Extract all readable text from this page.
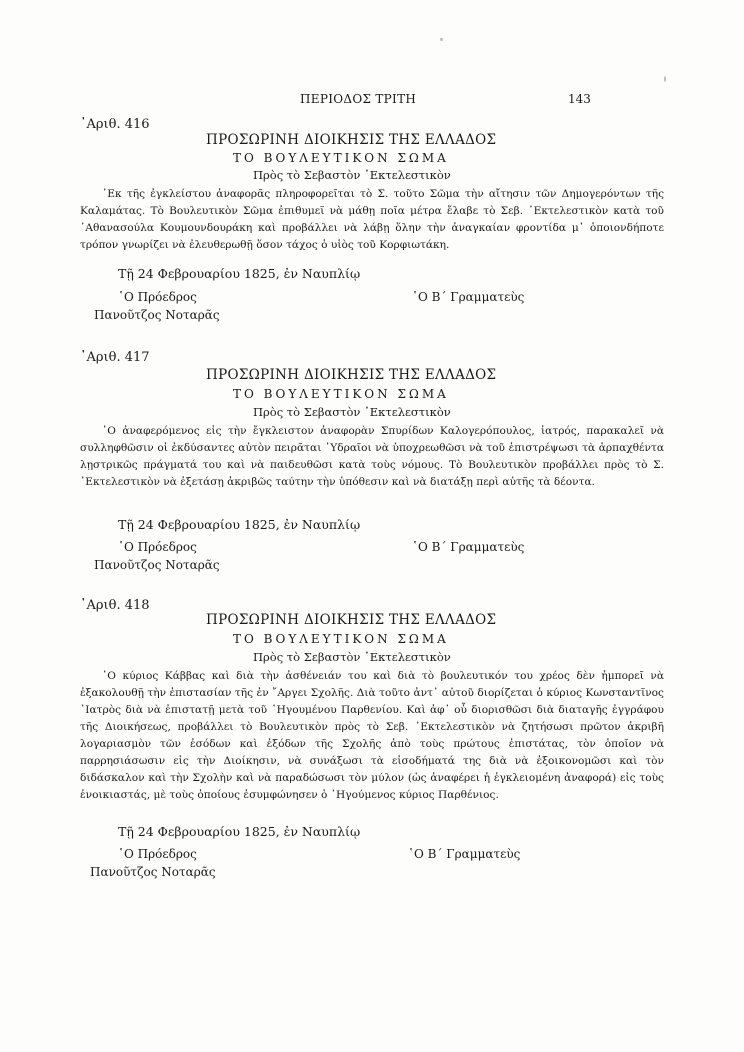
ΠΕΡΙΟΔΟΣ ΤΡΙΤΗ	143
᾿Αριθ. 416
ΠΡΟΣΩΡΙΝΗ ΔΙΟΙΚΗΣΙΣ ΤΗΣ ΕΛΛΑΔΟΣ
ΤΟ ΒΟΥΛΕΥΤΙΚΟΝ ΣΩΜΑ
Πρὸς τὸ Σεβαστὸν ᾿Εκτελεστικὸν
᾿Εκ τῆς ἐγκλείστου ἀναφορᾶς πληροφορεῖται τὸ Σ. τοῦτο Σῶμα τὴν αἴτησιν τῶν Δημογερόντων τῆς Καλαμάτας. Τὸ Βουλευτικὸν Σῶμα ἐπιθυμεῖ νὰ μάθῃ ποῖα μέτρα ἔλαβε τὸ Σεβ. ᾿Εκτελεστικὸν κατὰ τοῦ ᾿Αθανασούλα Κουμουνδουράκη καὶ προβάλλει νὰ λάβῃ ὅλην τὴν ἀναγκαίαν φροντίδα μ᾿ ὁποιονδήποτε τρόπον γνωρίζει νὰ ἐλευθερωθῇ ὅσον τάχος ὁ υἱὸς τοῦ Κορφιωτάκη.
Τῇ 24 Φεβρουαρίου 1825, ἐν Ναυπλίῳ
῾Ο Πρόεδρος	῾Ο Β΄ Γραμματεὺς
Πανοῦτζος Νοταρᾶς
᾿Αριθ. 417
ΠΡΟΣΩΡΙΝΗ ΔΙΟΙΚΗΣΙΣ ΤΗΣ ΕΛΛΑΔΟΣ
ΤΟ ΒΟΥΛΕΥΤΙΚΟΝ ΣΩΜΑ
Πρὸς τὸ Σεβαστὸν ᾿Εκτελεστικὸν
῾Ο ἀναφερόμενος εἰς τὴν ἔγκλειστον ἀναφορὰν Σπυρίδων Καλογερόπουλος, ἰατρός, παρακαλεῖ νὰ συλληφθῶσιν οἱ ἐκδύσαντες αὐτὸν πειρᾶται ῾Υδραῖοι νὰ ὑποχρεωθῶσι νὰ τοῦ ἐπιστρέψωσι τὰ ἁρπαχθέντα λῃστρικῶς πράγματά του καὶ νὰ παιδευθῶσι κατὰ τοὺς νόμους. Τὸ Βουλευτικὸν προβάλλει πρὸς τὸ Σ. ᾿Εκτελεστικὸν νὰ ἐξετάσῃ ἀκριβῶς ταύτην τὴν ὑπόθεσιν καὶ νὰ διατάξῃ περὶ αὐτῆς τὰ δέοντα.
Τῇ 24 Φεβρουαρίου 1825, ἐν Ναυπλίῳ
῾Ο Πρόεδρος	῾Ο Β΄ Γραμματεὺς
Πανοῦτζος Νοταρᾶς
᾿Αριθ. 418
ΠΡΟΣΩΡΙΝΗ ΔΙΟΙΚΗΣΙΣ ΤΗΣ ΕΛΛΑΔΟΣ
ΤΟ ΒΟΥΛΕΥΤΙΚΟΝ ΣΩΜΑ
Πρὸς τὸ Σεβαστὸν ᾿Εκτελεστικὸν
῾Ο κύριος Κάββας καὶ διὰ τὴν ἀσθένειάν του καὶ διὰ τὸ βουλευτικόν του χρέος δὲν ἠμπορεῖ νὰ ἐξακολουθῇ τὴν ἐπιστασίαν τῆς ἐν ῎Αργει Σχολῆς. Διὰ τοῦτο ἀντ᾿ αὐτοῦ διορίζεται ὁ κύριος Κωνσταντῖνος ᾿Ιατρὸς διὰ νὰ ἐπιστατῇ μετὰ τοῦ ῾Ηγουμένου Παρθενίου. Καὶ ἀφ᾿ οὗ διορισθῶσι διὰ διαταγῆς ἐγγράφου τῆς Διοικήσεως, προβάλλει τὸ Βουλευτικὸν πρὸς τὸ Σεβ. ᾿Εκτελεστικὸν νὰ ζητήσωσι πρῶτον ἀκριβῆ λογαριασμὸν τῶν ἐσόδων καὶ ἐξόδων τῆς Σχολῆς ἀπὸ τοὺς πρώτους ἐπιστάτας, τὸν ὁποῖον νὰ παρρησιάσωσιν εἰς τὴν Διοίκησιν, νὰ συνάξωσι τὰ εἰσοδήματά της διὰ νὰ ἐξοικονομῶσι καὶ τὸν διδάσκαλον καὶ τὴν Σχολὴν καὶ νὰ παραδώσωσι τὸν μύλον (ὡς ἀναφέρει ἡ ἐγκλειομένη ἀναφορά) εἰς τοὺς ἐνοικιαστάς, μὲ τοὺς ὁποίους ἐσυμφώνησεν ὁ ῾Ηγούμενος κύριος Παρθένιος.
Τῇ 24 Φεβρουαρίου 1825, ἐν Ναυπλίῳ
῾Ο Πρόεδρος	῾Ο Β΄ Γραμματεὺς
Πανοῦτζος Νοταρᾶς
